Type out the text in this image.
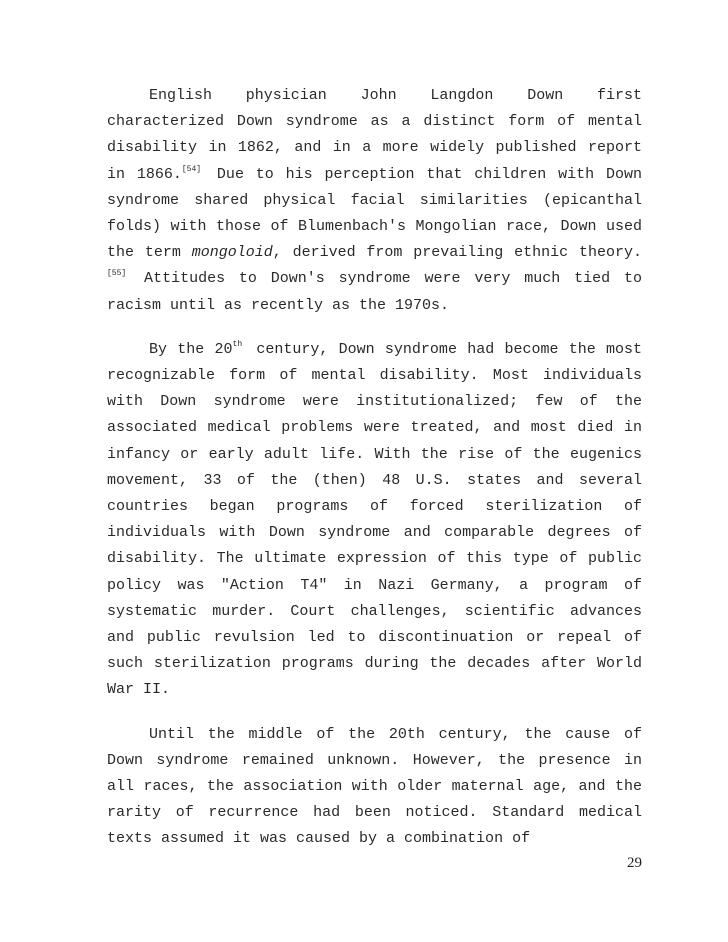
English physician John Langdon Down first characterized Down syndrome as a distinct form of mental disability in 1862, and in a more widely published report in 1866.[54] Due to his perception that children with Down syndrome shared physical facial similarities (epicanthal folds) with those of Blumenbach's Mongolian race, Down used the term mongoloid, derived from prevailing ethnic theory.[55] Attitudes to Down's syndrome were very much tied to racism until as recently as the 1970s.

By the 20th century, Down syndrome had become the most recognizable form of mental disability. Most individuals with Down syndrome were institutionalized; few of the associated medical problems were treated, and most died in infancy or early adult life. With the rise of the eugenics movement, 33 of the (then) 48 U.S. states and several countries began programs of forced sterilization of individuals with Down syndrome and comparable degrees of disability. The ultimate expression of this type of public policy was "Action T4" in Nazi Germany, a program of systematic murder. Court challenges, scientific advances and public revulsion led to discontinuation or repeal of such sterilization programs during the decades after World War II.

Until the middle of the 20th century, the cause of Down syndrome remained unknown. However, the presence in all races, the association with older maternal age, and the rarity of recurrence had been noticed. Standard medical texts assumed it was caused by a combination of

29
